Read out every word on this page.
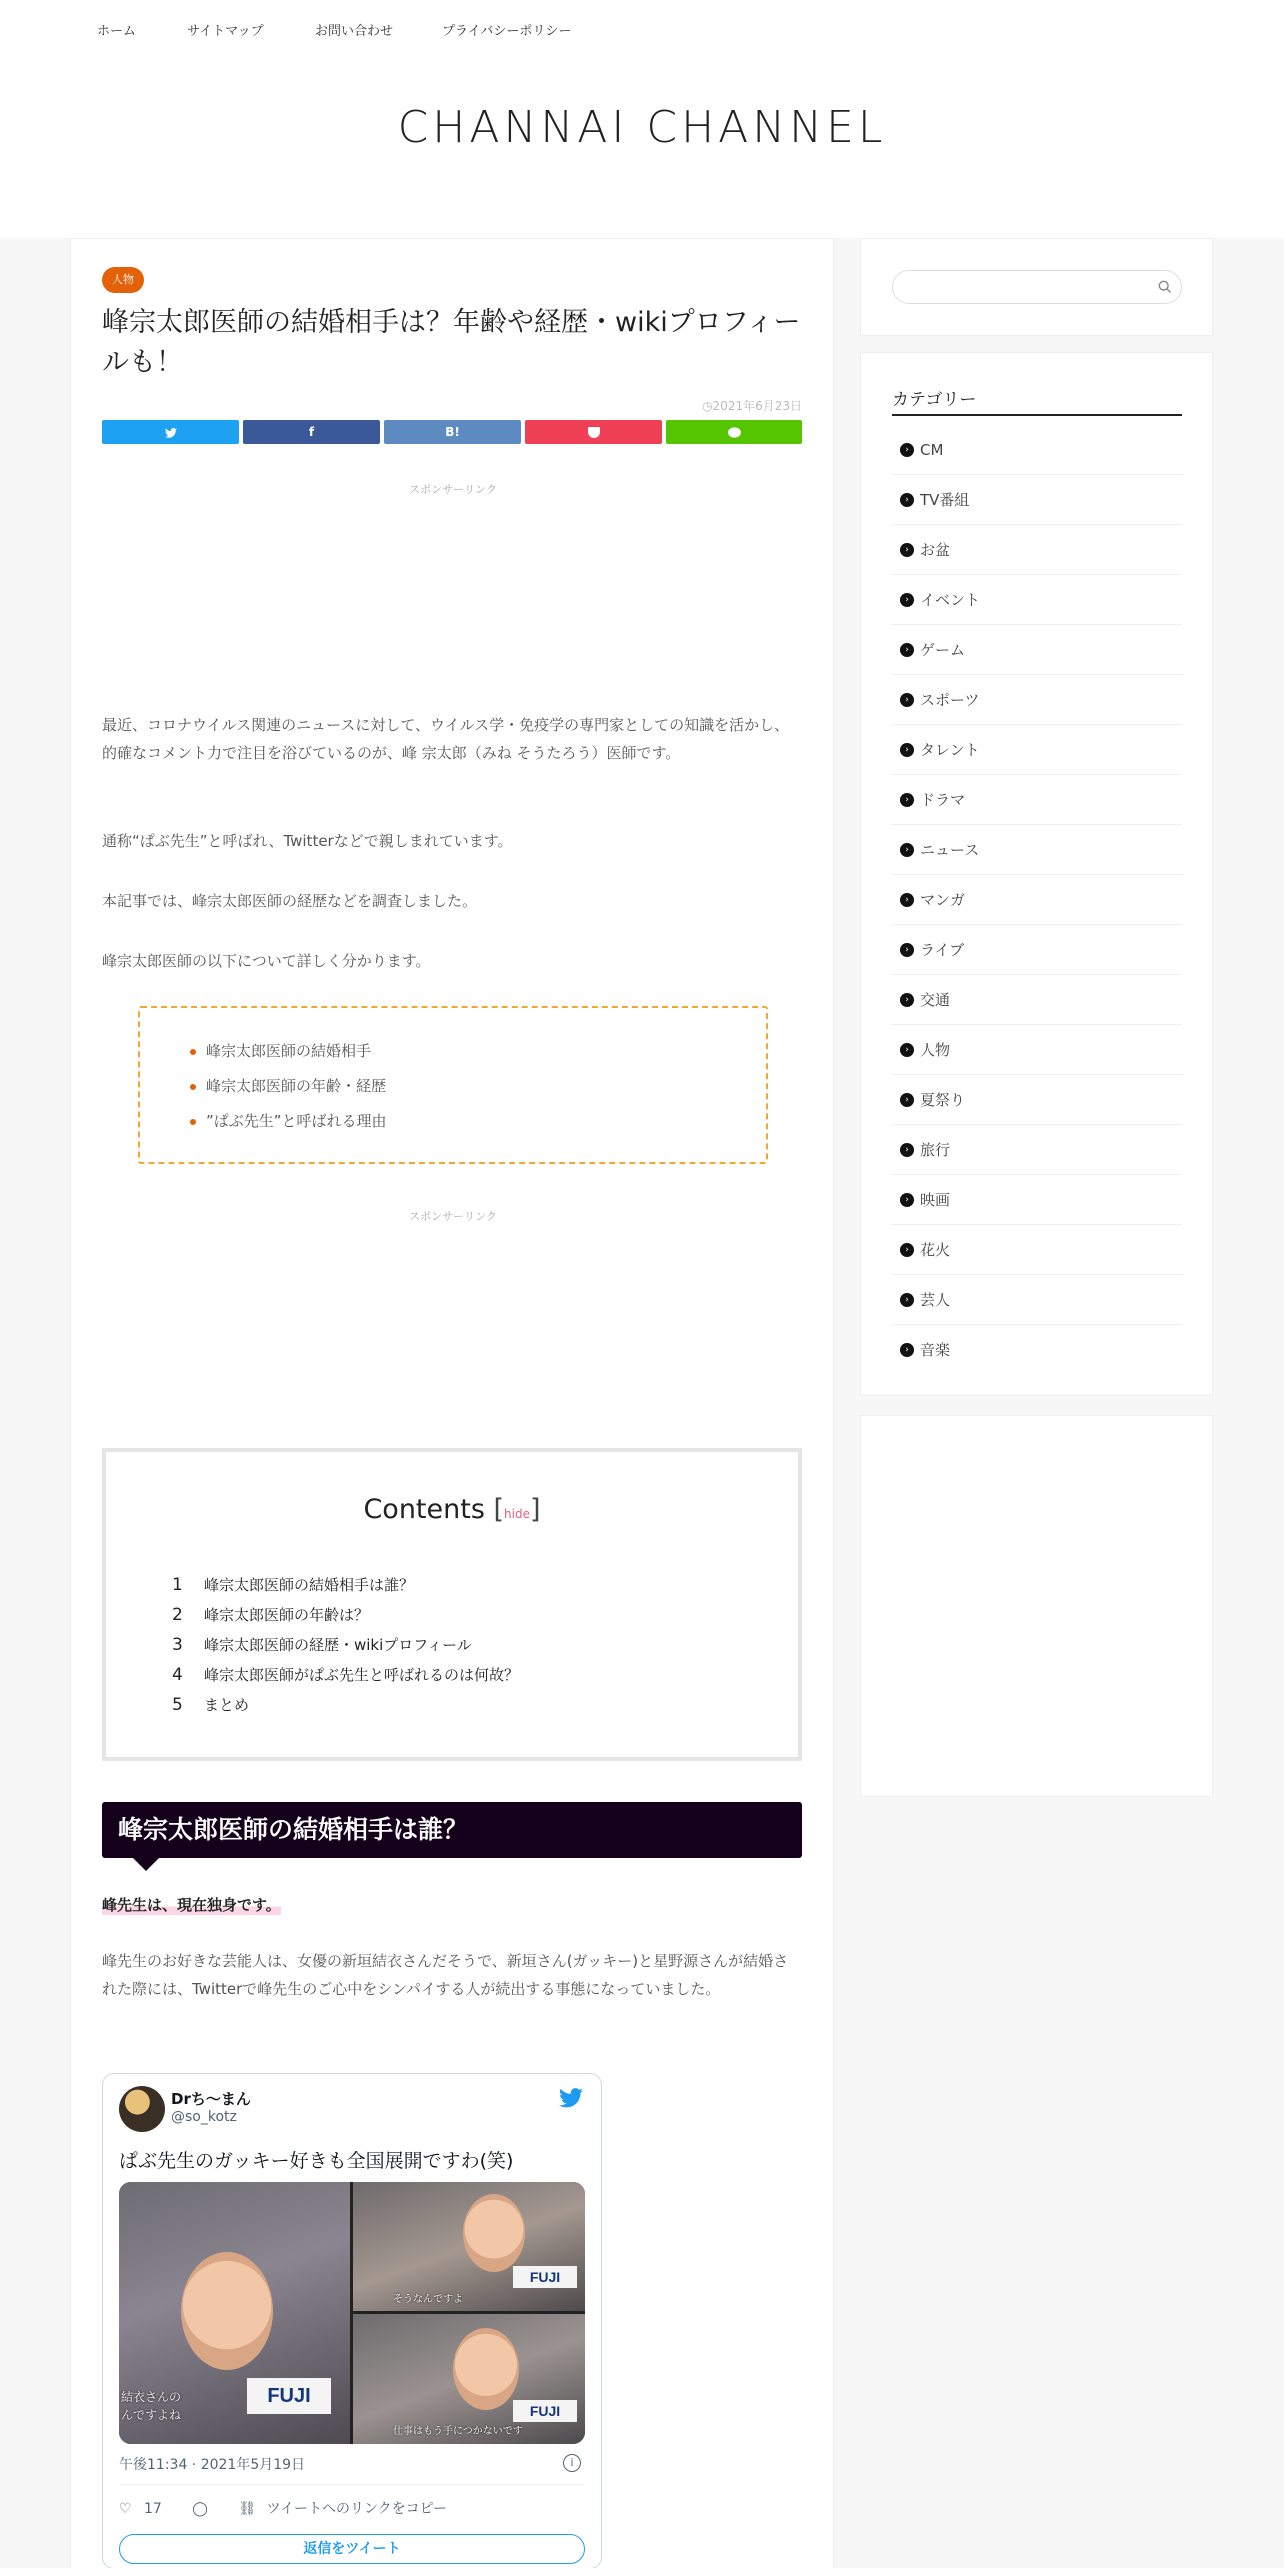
ホーム	サイトマップ	お問い合わせ	プライバシーポリシー
CHANNAI CHANNEL
人物
峰宗太郎医師の結婚相手は？年齢や経歴・wikiプロフィールも！
◷2021年6月23日
f	B!
スポンサーリンク

最近、コロナウイルス関連のニュースに対して、ウイルス学・免疫学の専門家としての知識を活かし、的確なコメント力で注目を浴びているのが、峰 宗太郎（みね そうたろう）医師です。

通称“ぱぶ先生”と呼ばれ、Twitterなどで親しまれています。

本記事では、峰宗太郎医師の経歴などを調査しました。

峰宗太郎医師の以下について詳しく分かります。

峰宗太郎医師の結婚相手
峰宗太郎医師の年齢・経歴
”ぱぶ先生”と呼ばれる理由
スポンサーリンク
Contents [hide]
1 峰宗太郎医師の結婚相手は誰？
2 峰宗太郎医師の年齢は？
3 峰宗太郎医師の経歴・wikiプロフィール
4 峰宗太郎医師がぱぶ先生と呼ばれるのは何故？
5 まとめ
峰宗太郎医師の結婚相手は誰？
峰先生は、現在独身です。

峰先生のお好きな芸能人は、女優の新垣結衣さんだそうで、新垣さん(ガッキー)と星野源さんが結婚された際には、Twitterで峰先生のご心中をシンパイする人が続出する事態になっていました。

Drち～まん
@so_kotz
ぱぶ先生のガッキー好きも全国展開ですわ(笑)
FUJI
結衣さんの
んですよね
FUJI
そうなんですよ
FUJI
仕事はもう手につかないです
午後11:34 · 2021年5月19日	i
♡ 17 ◯ ⛓ ツイートへのリンクをコピー
返信をツイート
カテゴリー
› CM
› TV番組
› お盆
› イベント
› ゲーム
› スポーツ
› タレント
› ドラマ
› ニュース
› マンガ
› ライブ
› 交通
› 人物
› 夏祭り
› 旅行
› 映画
› 花火
› 芸人
› 音楽
